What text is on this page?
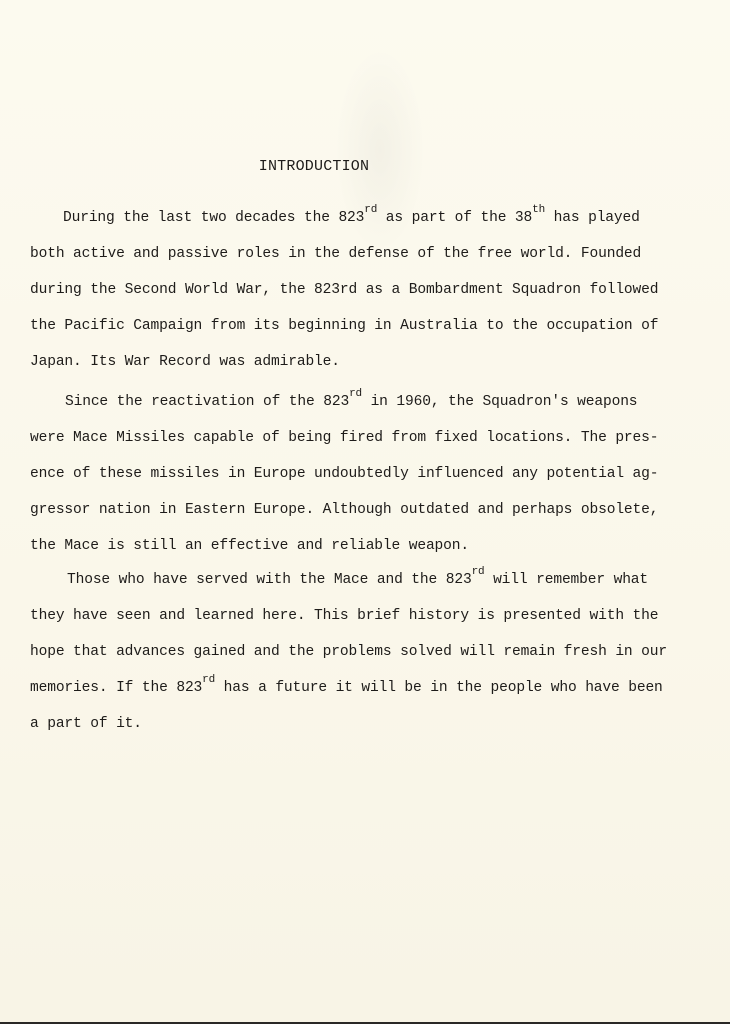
INTRODUCTION
During the last two decades the 823rd as part of the 38th has played
both active and passive roles in the defense of the free world. Founded
during the Second World War, the 823rd as a Bombardment Squadron followed
the Pacific Campaign from its beginning in Australia to the occupation of
Japan. Its War Record was admirable.
Since the reactivation of the 823rd in 1960, the Squadron's weapons
were Mace Missiles capable of being fired from fixed locations. The pres-
ence of these missiles in Europe undoubtedly influenced any potential ag-
gressor nation in Eastern Europe. Although outdated and perhaps obsolete,
the Mace is still an effective and reliable weapon.
Those who have served with the Mace and the 823rd will remember what
they have seen and learned here. This brief history is presented with the
hope that advances gained and the problems solved will remain fresh in our
memories. If the 823rd has a future it will be in the people who have been
a part of it.
